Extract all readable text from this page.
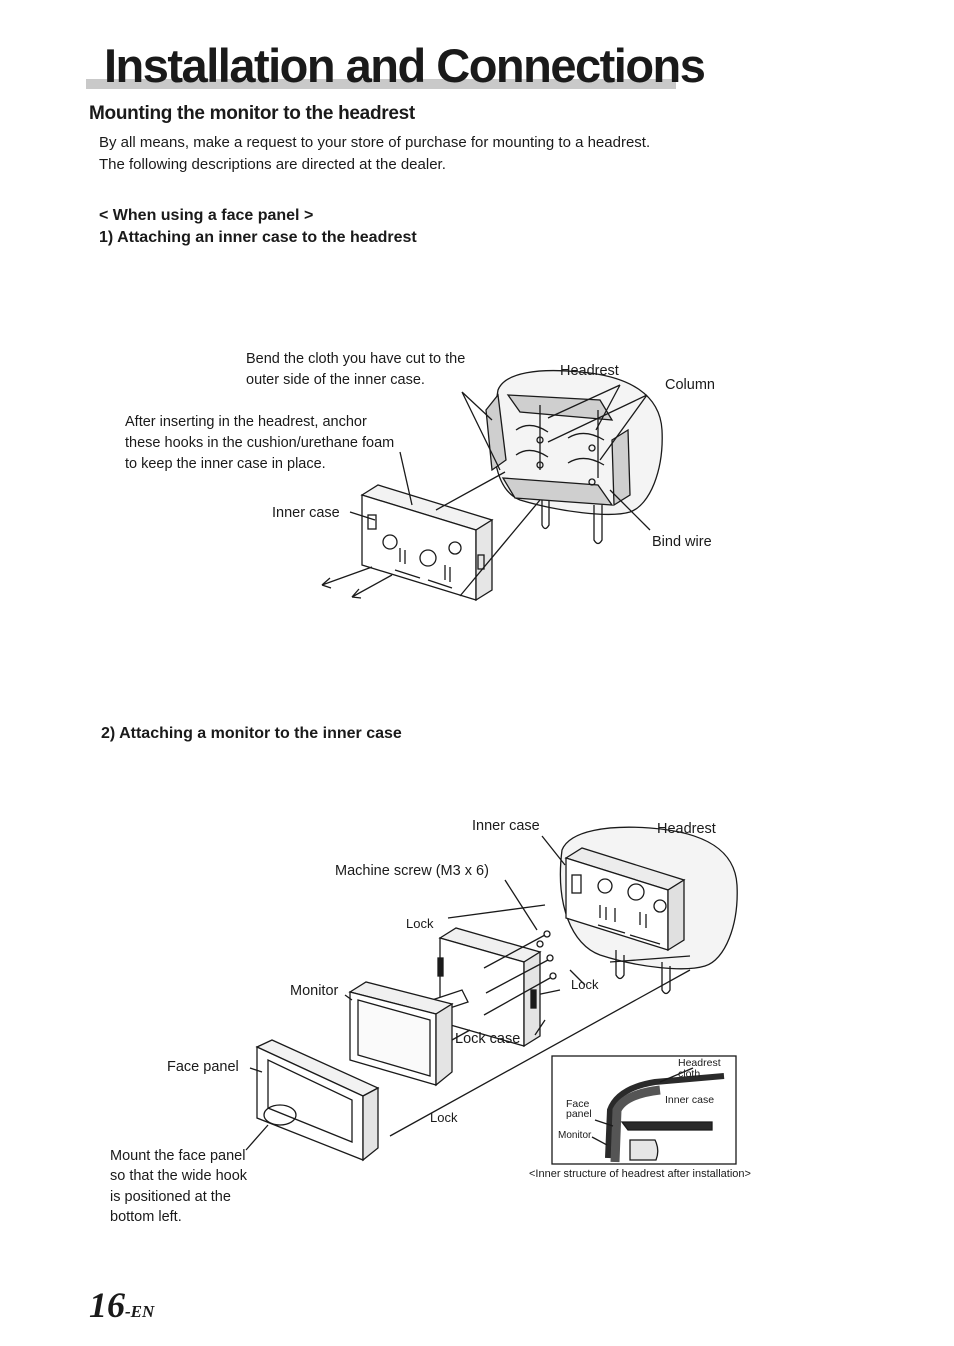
Installation and Connections
Mounting the monitor to the headrest
By all means, make a request to your store of purchase for mounting to a headrest.
The following descriptions are directed at the dealer.
< When using a face panel >
1) Attaching an inner case to the headrest
Bend the cloth you have cut to the
outer side of the inner case.
Headrest
Column
After inserting in the headrest, anchor
these hooks in the cushion/urethane foam
to keep the inner case in place.
Inner case
Bind wire
2) Attaching a monitor to the inner case
Inner case	Headrest
Machine screw (M3 x 6)
Lock
Lock
Monitor
Lock case
Face panel
Lock
Mount the face panel
so that the wide hook
is positioned at the
bottom left.
Headrest
cloth
Inner case
Face
panel
Monitor
<Inner structure of headrest after installation>
16-EN
